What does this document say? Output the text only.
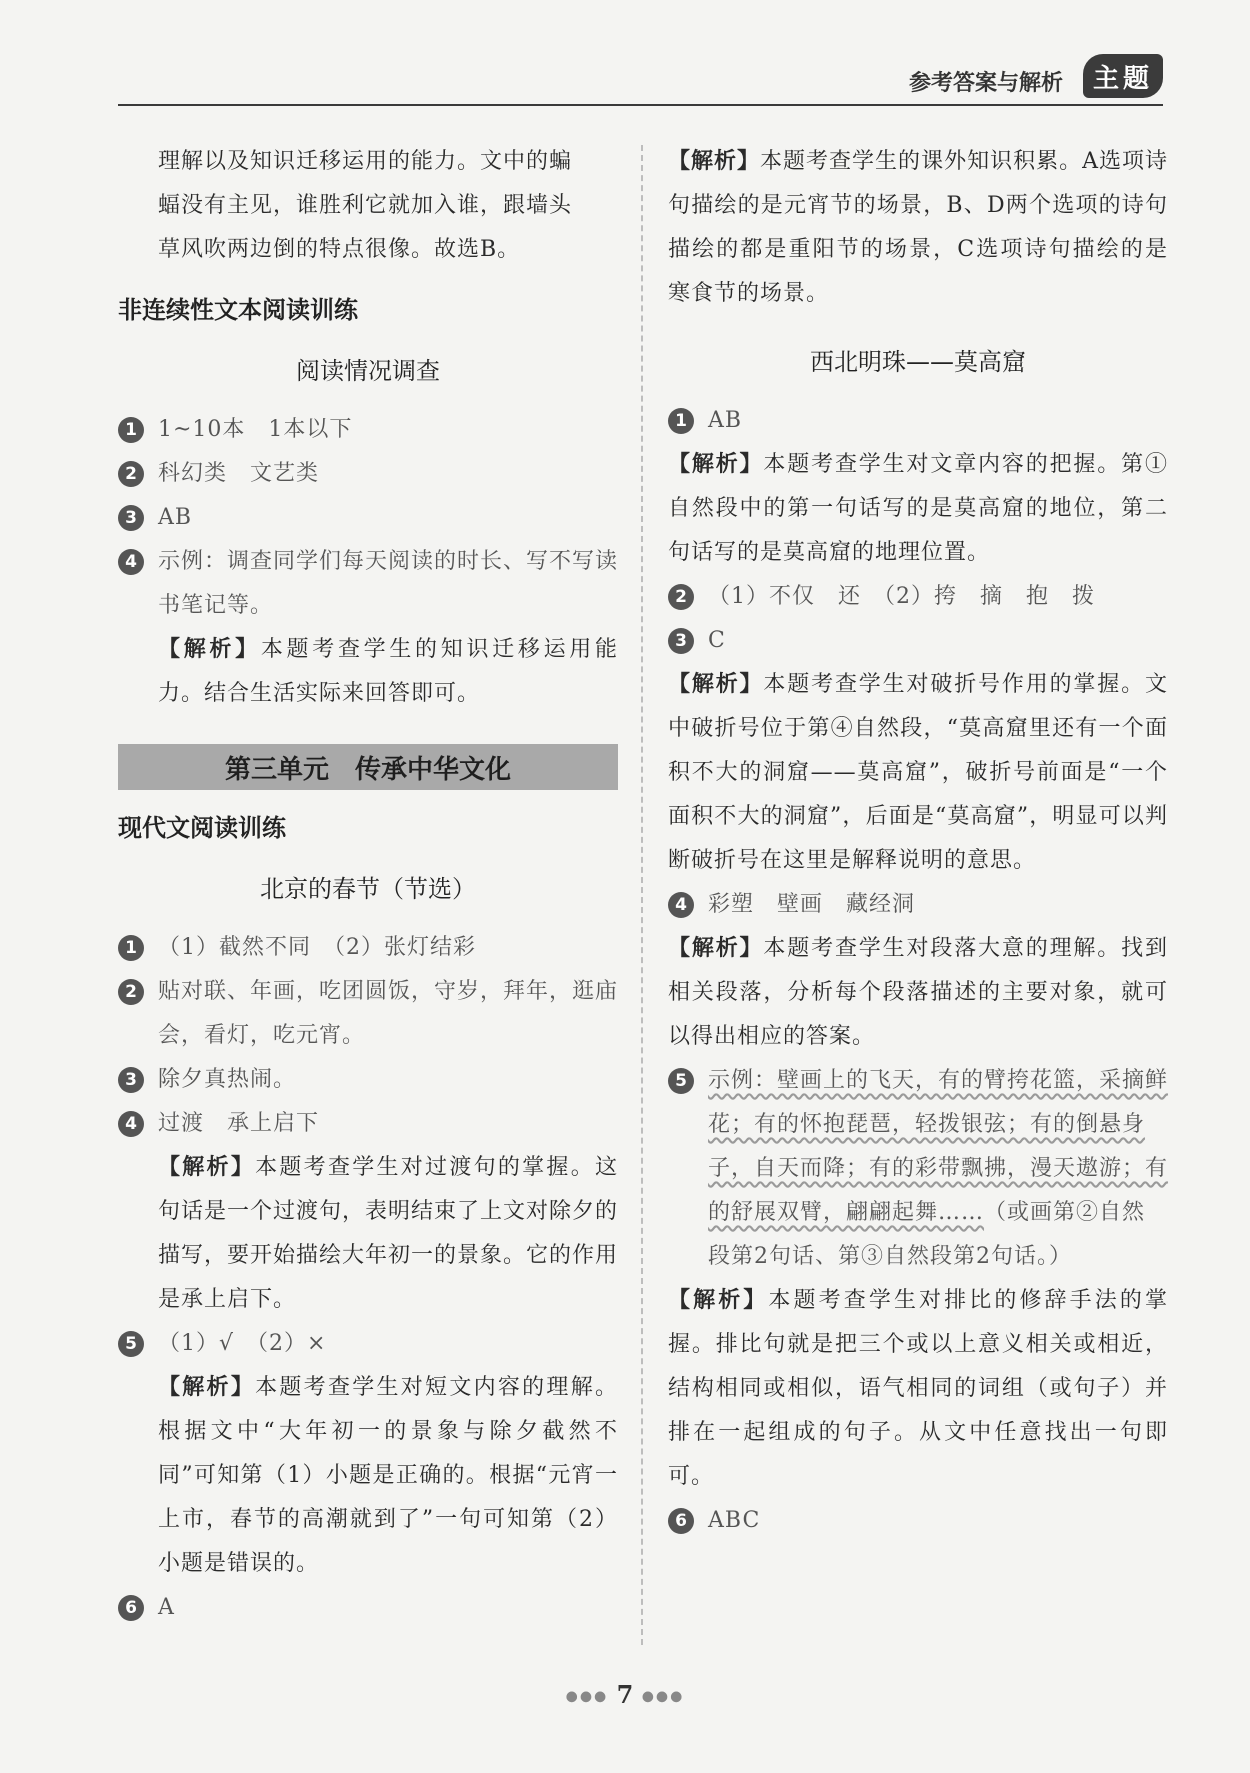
参考答案与解析	主题

理解以及知识迁移运用的能力。文中的蝙

蝠没有主见，谁胜利它就加入谁，跟墙头

草风吹两边倒的特点很像。故选B。

非连续性文本阅读训练
阅读情况调查
1 1~10本　1本以下
2 科幻类　文艺类
3 AB
4 示例：调查同学们每天阅读的时长、写不写读书笔记等。

【解析】本题考查学生的知识迁移运用能力。结合生活实际来回答即可。

第三单元　传承中华文化
现代文阅读训练
北京的春节（节选）
1 （1）截然不同　（2）张灯结彩
2 贴对联、年画，吃团圆饭，守岁，拜年，逛庙会，看灯，吃元宵。
3 除夕真热闹。
4 过渡　承上启下

【解析】本题考查学生对过渡句的掌握。这句话是一个过渡句，表明结束了上文对除夕的描写，要开始描绘大年初一的景象。它的作用是承上启下。

5 （1）√　（2）×

【解析】本题考查学生对短文内容的理解。根据文中“大年初一的景象与除夕截然不同”可知第（1）小题是正确的。根据“元宵一上市，春节的高潮就到了”一句可知第（2）小题是错误的。

6 A

【解析】本题考查学生的课外知识积累。A选项诗句描绘的是元宵节的场景，B、D两个选项的诗句描绘的都是重阳节的场景，C选项诗句描绘的是寒食节的场景。

西北明珠——莫高窟
1 AB

【解析】本题考查学生对文章内容的把握。第①自然段中的第一句话写的是莫高窟的地位，第二句话写的是莫高窟的地理位置。

2 （1）不仅　还　（2）挎　摘　抱　拨
3 C

【解析】本题考查学生对破折号作用的掌握。文中破折号位于第④自然段，“莫高窟里还有一个面积不大的洞窟——莫高窟”，破折号前面是“一个面积不大的洞窟”，后面是“莫高窟”，明显可以判断破折号在这里是解释说明的意思。

4 彩塑　壁画　藏经洞

【解析】本题考查学生对段落大意的理解。找到相关段落，分析每个段落描述的主要对象，就可以得出相应的答案。

5 示例：壁画上的飞天，有的臂挎花篮，采摘鲜花；有的怀抱琵琶，轻拨银弦；有的倒悬身子，自天而降；有的彩带飘拂，漫天遨游；有的舒展双臂，翩翩起舞……（或画第②自然段第2句话、第③自然段第2句话。）

【解析】本题考查学生对排比的修辞手法的掌握。排比句就是把三个或以上意义相关或相近，结构相同或相似，语气相同的词组（或句子）并排在一起组成的句子。从文中任意找出一句即可。

6 ABC
●●● 7 ●●●
